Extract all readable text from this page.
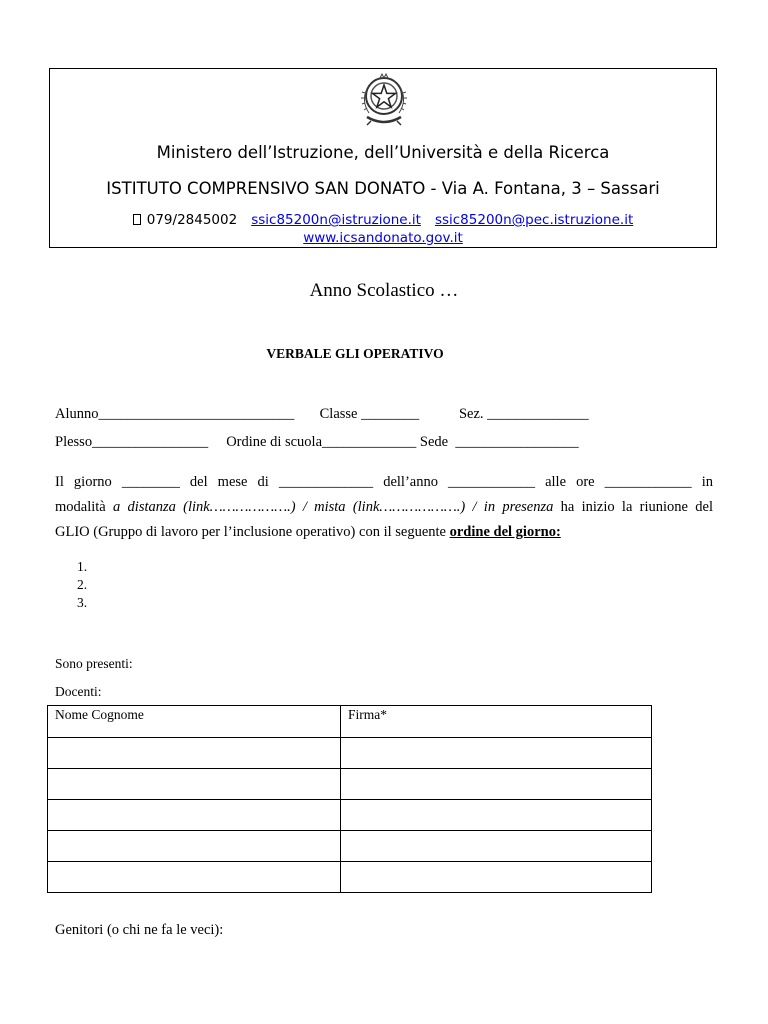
Ministero dell’Istruzione, dell’Università e della Ricerca
ISTITUTO COMPRENSIVO SAN DONATO - Via A. Fontana, 3 – Sassari
079/2845002 ssic85200n@istruzione.it ssic85200n@pec.istruzione.it
www.icsandonato.gov.it
Anno Scolastico …
VERBALE GLI OPERATIVO
Alunno___________________________       Classe ________           Sez. ______________
Plesso________________     Ordine di scuola_____________ Sede  _________________
Il giorno ________ del mese di _____________ dell’anno ____________ alle ore ____________ in
modalità a distanza (link……………….) / mista (link……………….) / in presenza ha inizio la riunione del
GLIO (Gruppo di lavoro per l’inclusione operativo) con il seguente ordine del giorno:
1.
2.
3.
Sono presenti:
Docenti:
Nome Cognome	Firma*

Genitori (o chi ne fa le veci):
